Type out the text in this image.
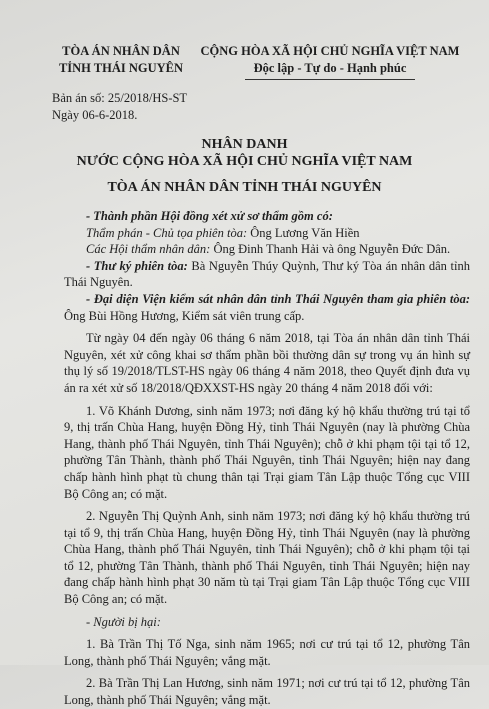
TÒA ÁN NHÂN DÂN
TỈNH THÁI NGUYÊN
CỘNG HÒA XÃ HỘI CHỦ NGHĨA VIỆT NAM
Độc lập - Tự do - Hạnh phúc
Bản án số: 25/2018/HS-ST
Ngày 06-6-2018.
NHÂN DANH
NƯỚC CỘNG HÒA XÃ HỘI CHỦ NGHĨA VIỆT NAM
TÒA ÁN NHÂN DÂN TỈNH THÁI NGUYÊN

- Thành phần Hội đồng xét xử sơ thẩm gồm có:

Thẩm phán - Chủ tọa phiên tòa: Ông Lương Văn Hiền

Các Hội thẩm nhân dân: Ông Đinh Thanh Hải và ông Nguyễn Đức Dân.

- Thư ký phiên tòa: Bà Nguyễn Thúy Quỳnh, Thư ký Tòa án nhân dân tỉnh Thái Nguyên.

- Đại diện Viện kiểm sát nhân dân tỉnh Thái Nguyên tham gia phiên tòa: Ông Bùi Hồng Hương, Kiểm sát viên trung cấp.

Từ ngày 04 đến ngày 06 tháng 6 năm 2018, tại Tòa án nhân dân tỉnh Thái Nguyên, xét xử công khai sơ thẩm phần bồi thường dân sự trong vụ án hình sự thụ lý số 19/2018/TLST-HS ngày 06 tháng 4 năm 2018, theo Quyết định đưa vụ án ra xét xử số 18/2018/QĐXXST-HS ngày 20 tháng 4 năm 2018 đối với:

1. Võ Khánh Dương, sinh năm 1973; nơi đăng ký hộ khẩu thường trú tại tổ 9, thị trấn Chùa Hang, huyện Đồng Hỷ, tỉnh Thái Nguyên (nay là phường Chùa Hang, thành phố Thái Nguyên, tỉnh Thái Nguyên); chỗ ở khi phạm tội tại tổ 12, phường Tân Thành, thành phố Thái Nguyên, tỉnh Thái Nguyên; hiện nay đang chấp hành hình phạt tù chung thân tại Trại giam Tân Lập thuộc Tổng cục VIII Bộ Công an; có mặt.

2. Nguyễn Thị Quỳnh Anh, sinh năm 1973; nơi đăng ký hộ khẩu thường trú tại tổ 9, thị trấn Chùa Hang, huyện Đồng Hỷ, tỉnh Thái Nguyên (nay là phường Chùa Hang, thành phố Thái Nguyên, tỉnh Thái Nguyên); chỗ ở khi phạm tội tại tổ 12, phường Tân Thành, thành phố Thái Nguyên, tỉnh Thái Nguyên; hiện nay đang chấp hành hình phạt 30 năm tù tại Trại giam Tân Lập thuộc Tổng cục VIII Bộ Công an; có mặt.

- Người bị hại:

1. Bà Trần Thị Tố Nga, sinh năm 1965; nơi cư trú tại tổ 12, phường Tân Long, thành phố Thái Nguyên; vắng mặt.

2. Bà Trần Thị Lan Hương, sinh năm 1971; nơi cư trú tại tổ 12, phường Tân Long, thành phố Thái Nguyên; vắng mặt.
